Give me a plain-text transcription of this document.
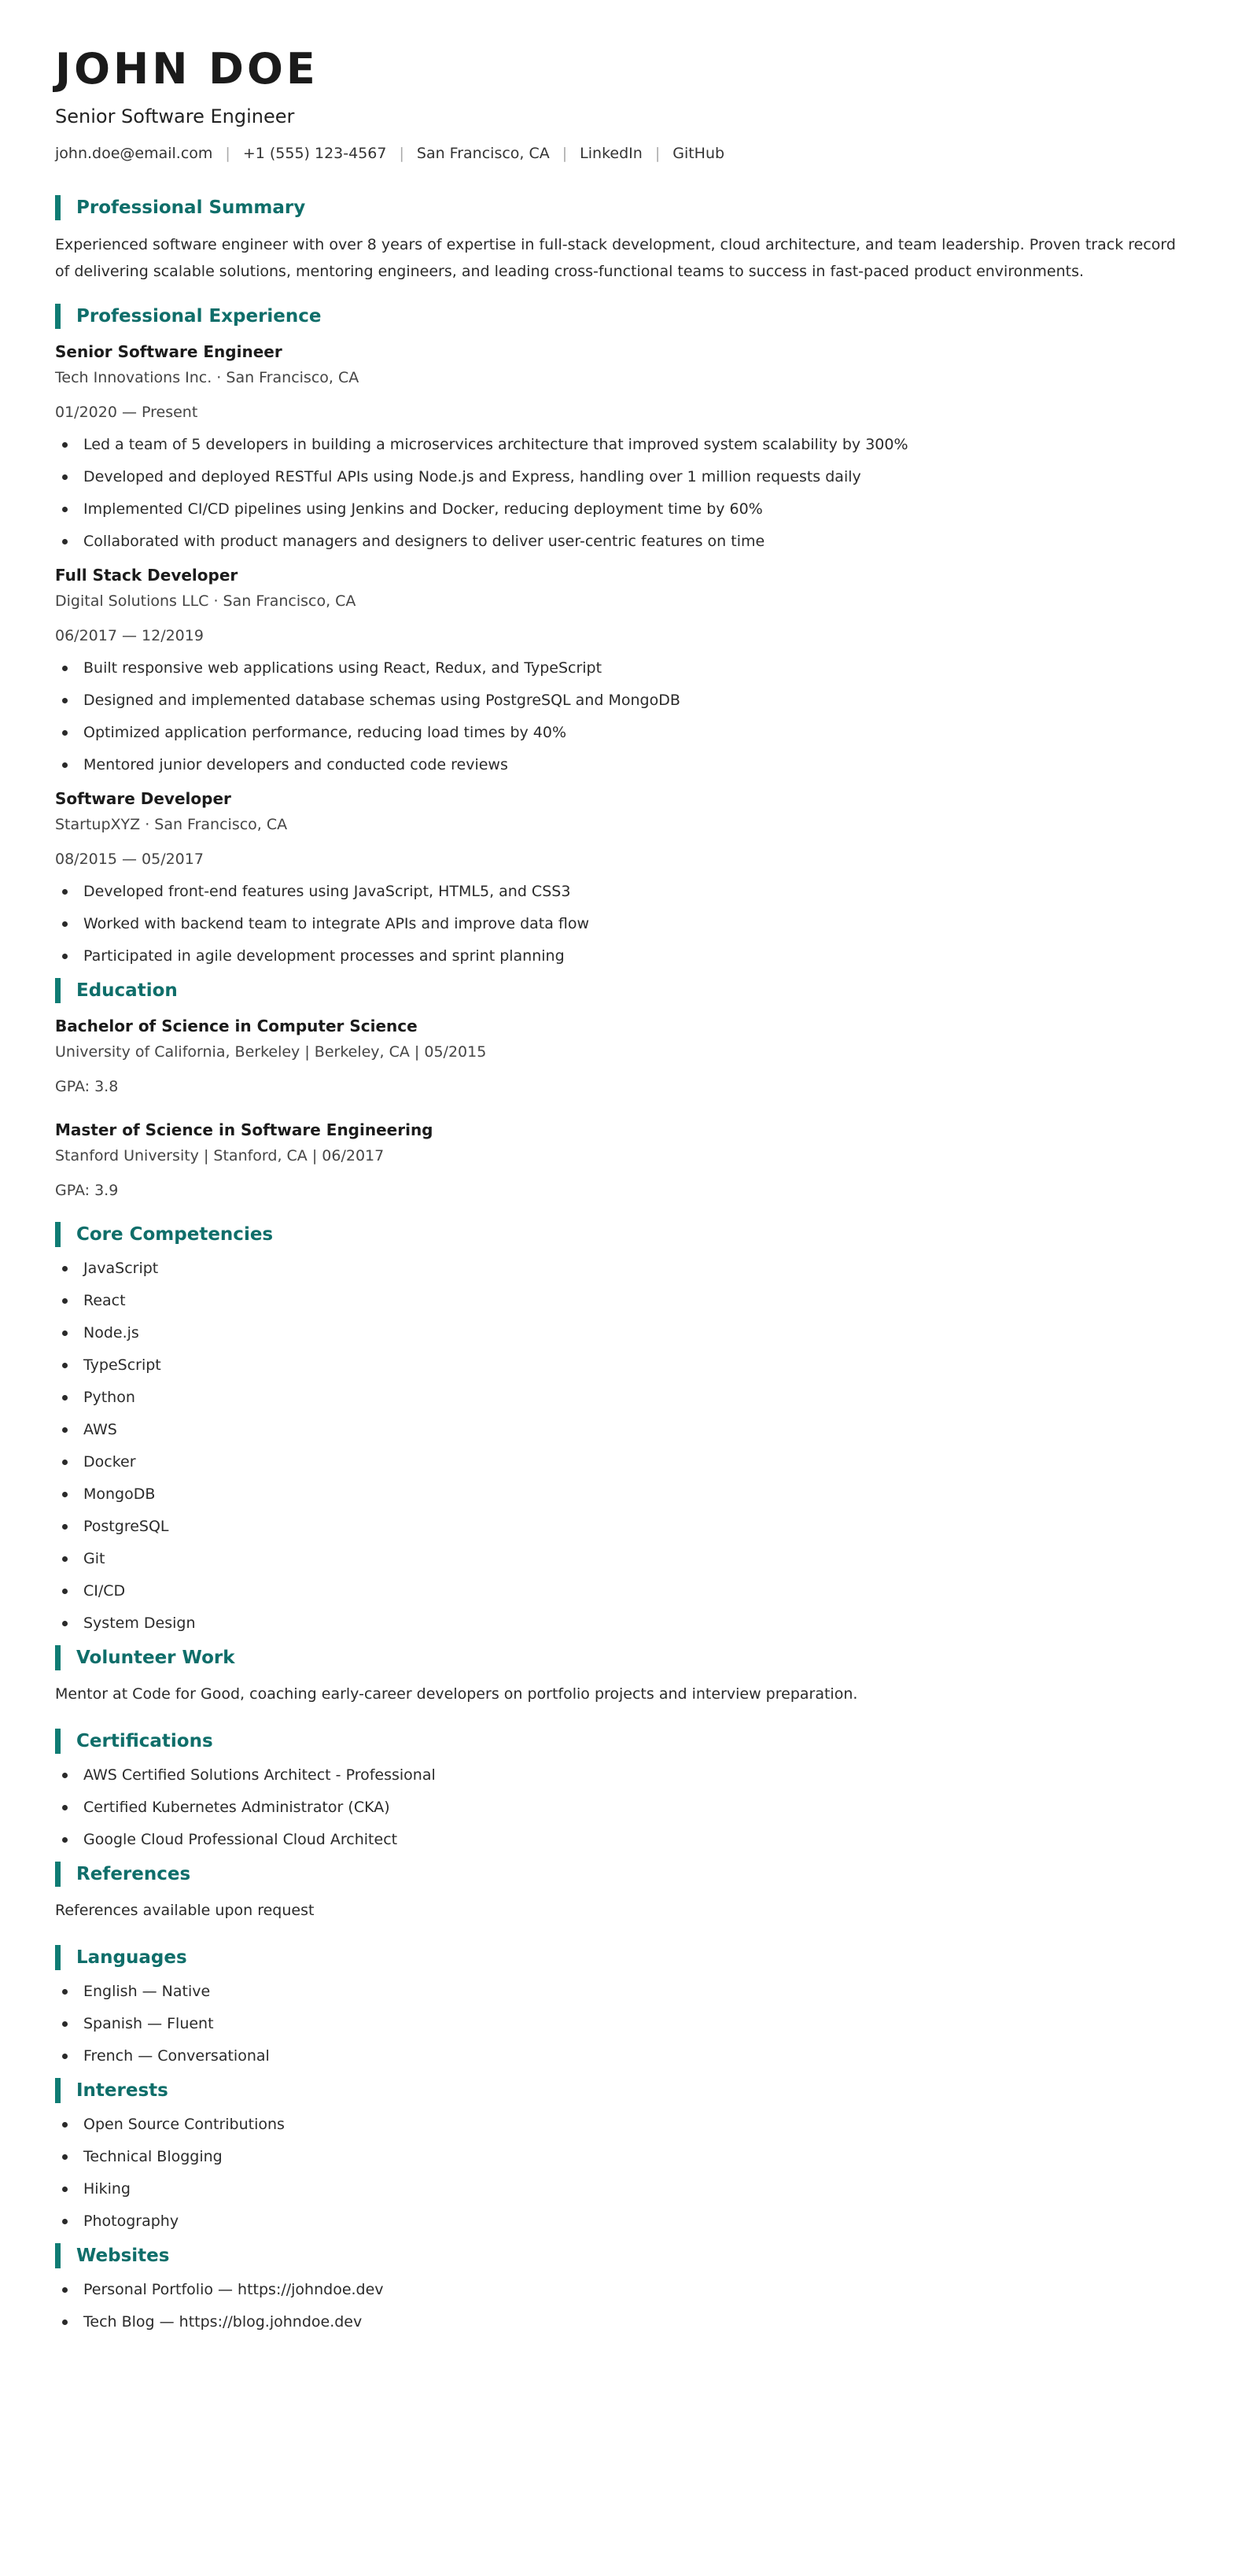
JOHN DOE
Senior Software Engineer
john.doe@email.com | +1 (555) 123-4567 | San Francisco, CA | LinkedIn | GitHub
Professional Summary
Experienced software engineer with over 8 years of expertise in full-stack development, cloud architecture, and team leadership. Proven track record of delivering scalable solutions, mentoring engineers, and leading cross-functional teams to success in fast-paced product environments.
Professional Experience
Senior Software Engineer
Tech Innovations Inc. · San Francisco, CA
01/2020 — Present
Led a team of 5 developers in building a microservices architecture that improved system scalability by 300%
Developed and deployed RESTful APIs using Node.js and Express, handling over 1 million requests daily
Implemented CI/CD pipelines using Jenkins and Docker, reducing deployment time by 60%
Collaborated with product managers and designers to deliver user-centric features on time
Full Stack Developer
Digital Solutions LLC · San Francisco, CA
06/2017 — 12/2019
Built responsive web applications using React, Redux, and TypeScript
Designed and implemented database schemas using PostgreSQL and MongoDB
Optimized application performance, reducing load times by 40%
Mentored junior developers and conducted code reviews
Software Developer
StartupXYZ · San Francisco, CA
08/2015 — 05/2017
Developed front-end features using JavaScript, HTML5, and CSS3
Worked with backend team to integrate APIs and improve data flow
Participated in agile development processes and sprint planning
Education
Bachelor of Science in Computer Science
University of California, Berkeley | Berkeley, CA | 05/2015
GPA: 3.8
Master of Science in Software Engineering
Stanford University | Stanford, CA | 06/2017
GPA: 3.9
Core Competencies
JavaScript
React
Node.js
TypeScript
Python
AWS
Docker
MongoDB
PostgreSQL
Git
CI/CD
System Design
Volunteer Work
Mentor at Code for Good, coaching early-career developers on portfolio projects and interview preparation.
Certifications
AWS Certified Solutions Architect - Professional
Certified Kubernetes Administrator (CKA)
Google Cloud Professional Cloud Architect
References
References available upon request
Languages
English — Native
Spanish — Fluent
French — Conversational
Interests
Open Source Contributions
Technical Blogging
Hiking
Photography
Websites
Personal Portfolio — https://johndoe.dev
Tech Blog — https://blog.johndoe.dev
